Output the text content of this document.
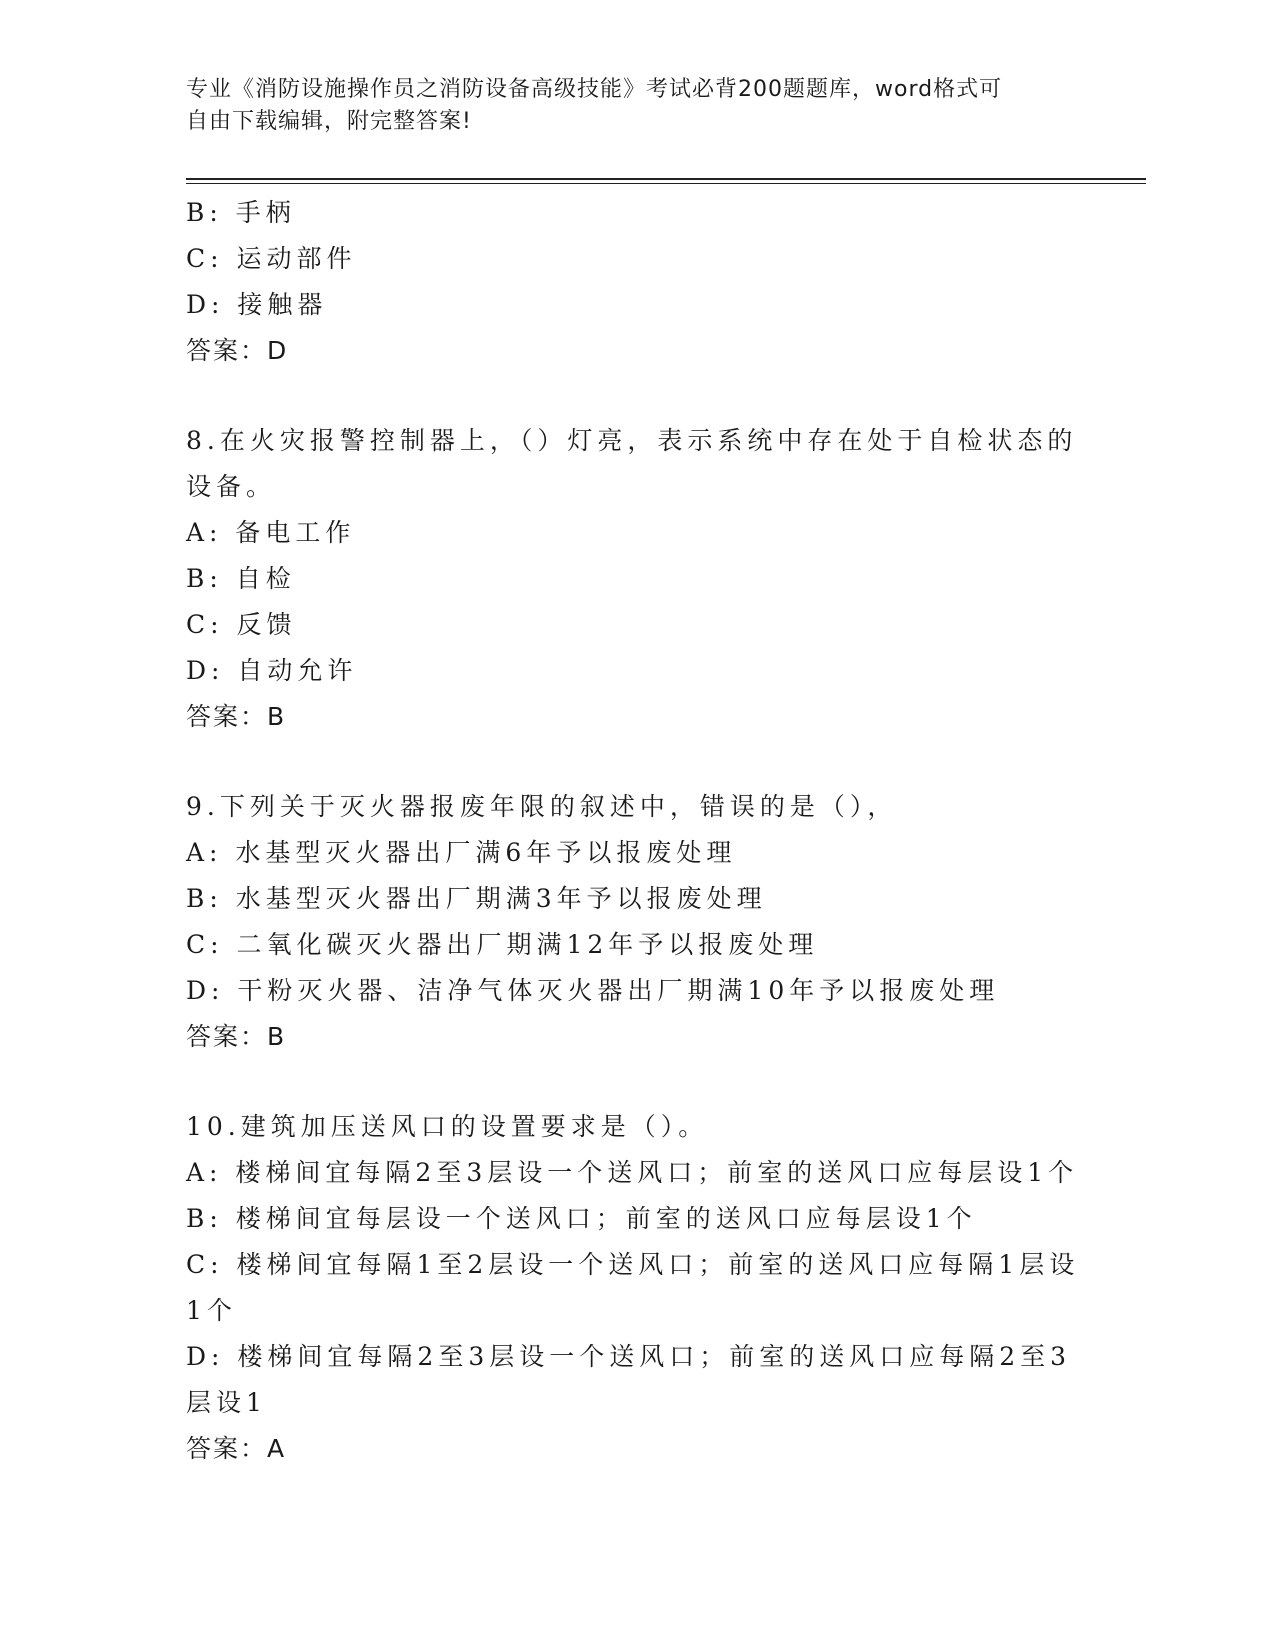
专业《消防设施操作员之消防设备高级技能》考试必背200题题库，word格式可
自由下载编辑，附完整答案!
B: 手柄
C: 运动部件
D: 接触器
答案：D
8.在火灾报警控制器上，（）灯亮，表示系统中存在处于自检状态的
设备。
A: 备电工作
B: 自检
C: 反馈
D: 自动允许
答案：B
9.下列关于灭火器报废年限的叙述中，错误的是（），
A: 水基型灭火器出厂满6年予以报废处理
B: 水基型灭火器出厂期满3年予以报废处理
C: 二氧化碳灭火器出厂期满12年予以报废处理
D: 干粉灭火器、洁净气体灭火器出厂期满10年予以报废处理
答案：B
10.建筑加压送风口的设置要求是（）。
A: 楼梯间宜每隔2至3层设一个送风口；前室的送风口应每层设1个
B: 楼梯间宜每层设一个送风口；前室的送风口应每层设1个
C: 楼梯间宜每隔1至2层设一个送风口；前室的送风口应每隔1层设
1个
D: 楼梯间宜每隔2至3层设一个送风口；前室的送风口应每隔2至3
层设1
答案：A
